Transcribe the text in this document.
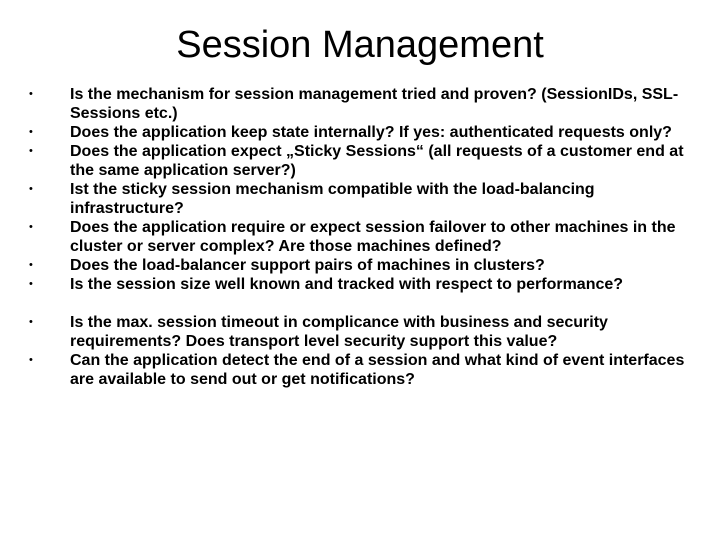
Session Management
•	Is the mechanism for session management tried and proven? (SessionIDs, SSL-Sessions etc.)
•	Does the application keep state internally? If yes: authenticated requests only?
•	Does the application expect „Sticky Sessions“ (all requests of a customer end at the same application server?)
•	Ist the sticky session mechanism compatible with the load-balancing infrastructure?
•	Does the application require or expect session failover to other machines in the cluster or server complex? Are those machines defined?
•	Does the load-balancer support pairs of machines in clusters?
•	Is the session size well known and tracked with respect to performance?
•	Is the max. session timeout in complicance with business and security requirements? Does transport level security support this value?
•	Can the application detect the end of a session and what kind of event interfaces are available to send out or get notifications?
